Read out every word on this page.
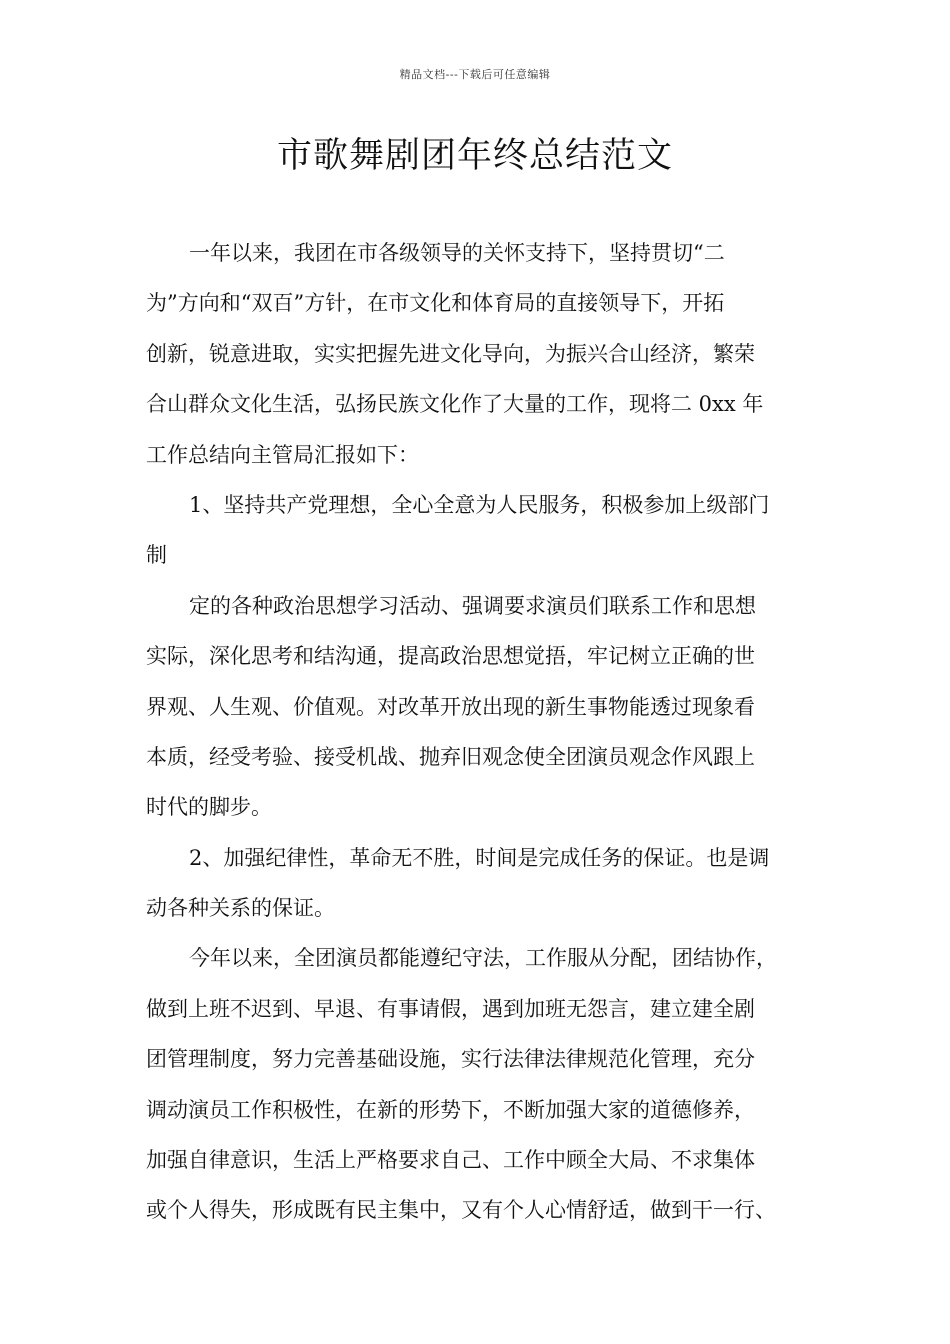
精品文档---下载后可任意编辑
市歌舞剧团年终总结范文
一年以来，我团在市各级领导的关怀支持下，坚持贯切“二
为”方向和“双百”方针，在市文化和体育局的直接领导下，开拓
创新，锐意进取，实实把握先进文化导向，为振兴合山经济，繁荣
合山群众文化生活，弘扬民族文化作了大量的工作，现将二 0xx 年
工作总结向主管局汇报如下：
1、坚持共产党理想，全心全意为人民服务，积极参加上级部门
制
定的各种政治思想学习活动、强调要求演员们联系工作和思想
实际，深化思考和结沟通，提高政治思想觉捂，牢记树立正确的世
界观、人生观、价值观。对改革开放出现的新生事物能透过现象看
本质，经受考验、接受机战、抛弃旧观念使全团演员观念作风跟上
时代的脚步。
2、加强纪律性，革命无不胜，时间是完成任务的保证。也是调
动各种关系的保证。
今年以来，全团演员都能遵纪守法，工作服从分配，团结协作，
做到上班不迟到、早退、有事请假，遇到加班无怨言，建立建全剧
团管理制度，努力完善基础设施，实行法律法律规范化管理，充分
调动演员工作积极性，在新的形势下，不断加强大家的道德修养，
加强自律意识，生活上严格要求自己、工作中顾全大局、不求集体
或个人得失，形成既有民主集中，又有个人心情舒适，做到干一行、
